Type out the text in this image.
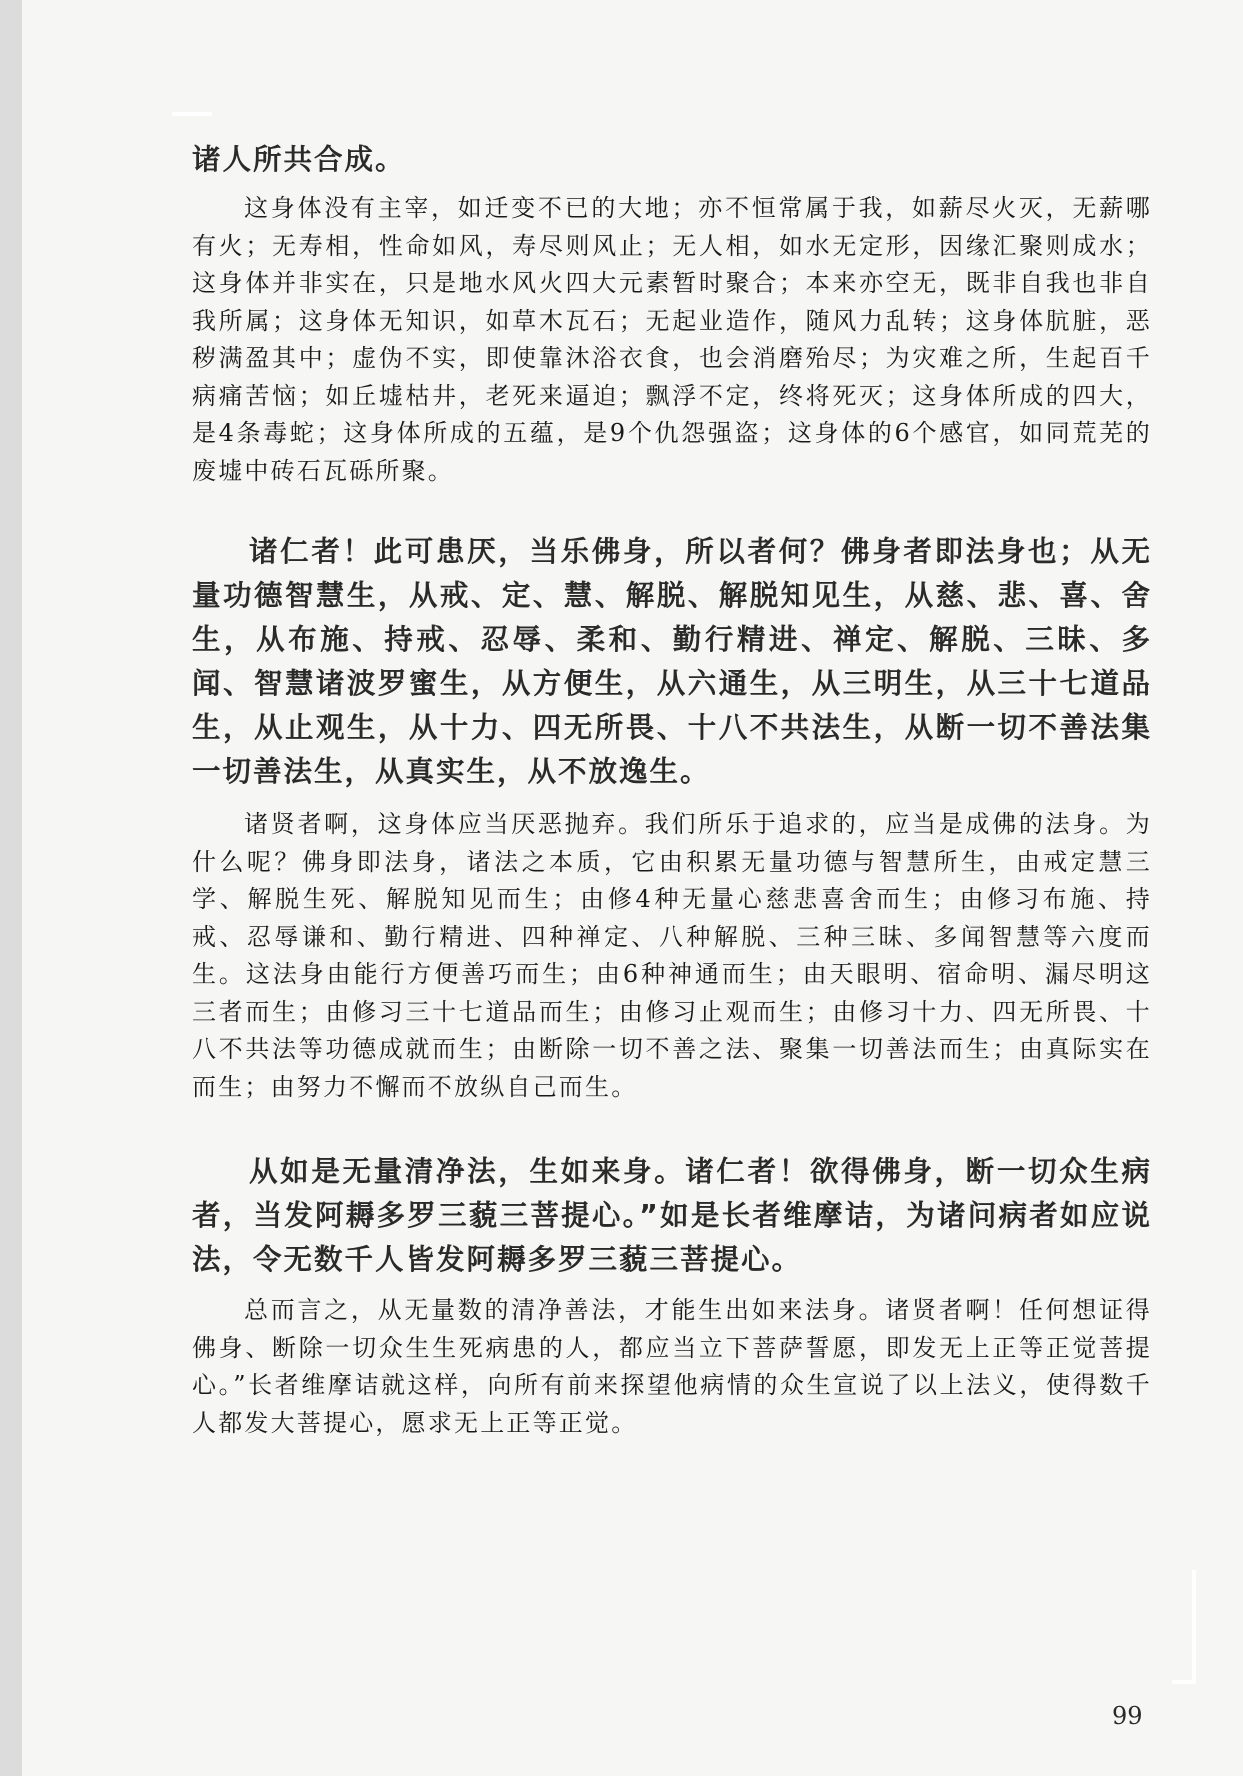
诸人所共合成。

这身体没有主宰，如迁变不已的大地；亦不恒常属于我，如薪尽火灭，无薪哪有火；无寿相，性命如风，寿尽则风止；无人相，如水无定形，因缘汇聚则成水；这身体并非实在，只是地水风火四大元素暂时聚合；本来亦空无，既非自我也非自我所属；这身体无知识，如草木瓦石；无起业造作，随风力乱转；这身体肮脏，恶秽满盈其中；虚伪不实，即使靠沐浴衣食，也会消磨殆尽；为灾难之所，生起百千病痛苦恼；如丘墟枯井，老死来逼迫；飘浮不定，终将死灭；这身体所成的四大，是4条毒蛇；这身体所成的五蕴，是9个仇怨强盗；这身体的6个感官，如同荒芜的废墟中砖石瓦砾所聚。

诸仁者！此可患厌，当乐佛身，所以者何？佛身者即法身也；从无量功德智慧生，从戒、定、慧、解脱、解脱知见生，从慈、悲、喜、舍生，从布施、持戒、忍辱、柔和、勤行精进、禅定、解脱、三昧、多闻、智慧诸波罗蜜生，从方便生，从六通生，从三明生，从三十七道品生，从止观生，从十力、四无所畏、十八不共法生，从断一切不善法集一切善法生，从真实生，从不放逸生。

诸贤者啊，这身体应当厌恶抛弃。我们所乐于追求的，应当是成佛的法身。为什么呢？佛身即法身，诸法之本质，它由积累无量功德与智慧所生，由戒定慧三学、解脱生死、解脱知见而生；由修4种无量心慈悲喜舍而生；由修习布施、持戒、忍辱谦和、勤行精进、四种禅定、八种解脱、三种三昧、多闻智慧等六度而生。这法身由能行方便善巧而生；由6种神通而生；由天眼明、宿命明、漏尽明这三者而生；由修习三十七道品而生；由修习止观而生；由修习十力、四无所畏、十八不共法等功德成就而生；由断除一切不善之法、聚集一切善法而生；由真际实在而生；由努力不懈而不放纵自己而生。

从如是无量清净法，生如来身。诸仁者！欲得佛身，断一切众生病者，当发阿耨多罗三藐三菩提心。”如是长者维摩诘，为诸问病者如应说法，令无数千人皆发阿耨多罗三藐三菩提心。

总而言之，从无量数的清净善法，才能生出如来法身。诸贤者啊！任何想证得佛身、断除一切众生生死病患的人，都应当立下菩萨誓愿，即发无上正等正觉菩提心。”长者维摩诘就这样，向所有前来探望他病情的众生宣说了以上法义，使得数千人都发大菩提心，愿求无上正等正觉。

99
